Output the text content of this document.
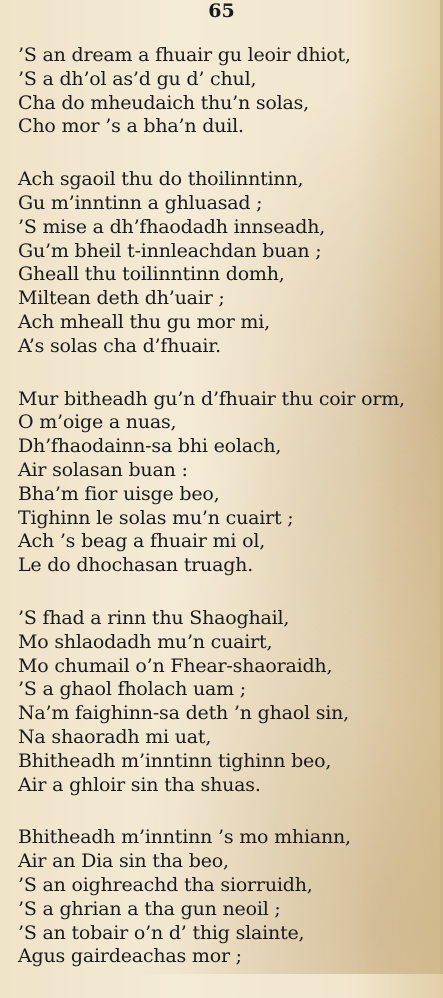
65
’S an dream a fhuair gu leoir dhiot,
’S a dh’ol as’d gu d’ chul,
Cha do mheudaich thu’n solas,
Cho mor ’s a bha’n duil.
Ach sgaoil thu do thoilinntinn,
Gu m’inntinn a ghluasad ;
’S mise a dh’fhaodadh innseadh,
Gu’m bheil t-innleachdan buan ;
Gheall thu toilinntinn domh,
Miltean deth dh’uair ;
Ach mheall thu gu mor mi,
A’s solas cha d’fhuair.
Mur bitheadh gu’n d’fhuair thu coir orm,
O m’oige a nuas,
Dh’fhaodainn-sa bhi eolach,
Air solasan buan :
Bha’m fior uisge beo,
Tighinn le solas mu’n cuairt ;
Ach ’s beag a fhuair mi ol,
Le do dhochasan truagh.
’S fhad a rinn thu Shaoghail,
Mo shlaodadh mu’n cuairt,
Mo chumail o’n Fhear-shaoraidh,
’S a ghaol fholach uam ;
Na’m faighinn-sa deth ’n ghaol sin,
Na shaoradh mi uat,
Bhitheadh m’inntinn tighinn beo,
Air a ghloir sin tha shuas.
Bhitheadh m’inntinn ’s mo mhiann,
Air an Dia sin tha beo,
’S an oighreachd tha siorruidh,
’S a ghrian a tha gun neoil ;
’S an tobair o’n d’ thig slainte,
Agus gairdeachas mor ;
